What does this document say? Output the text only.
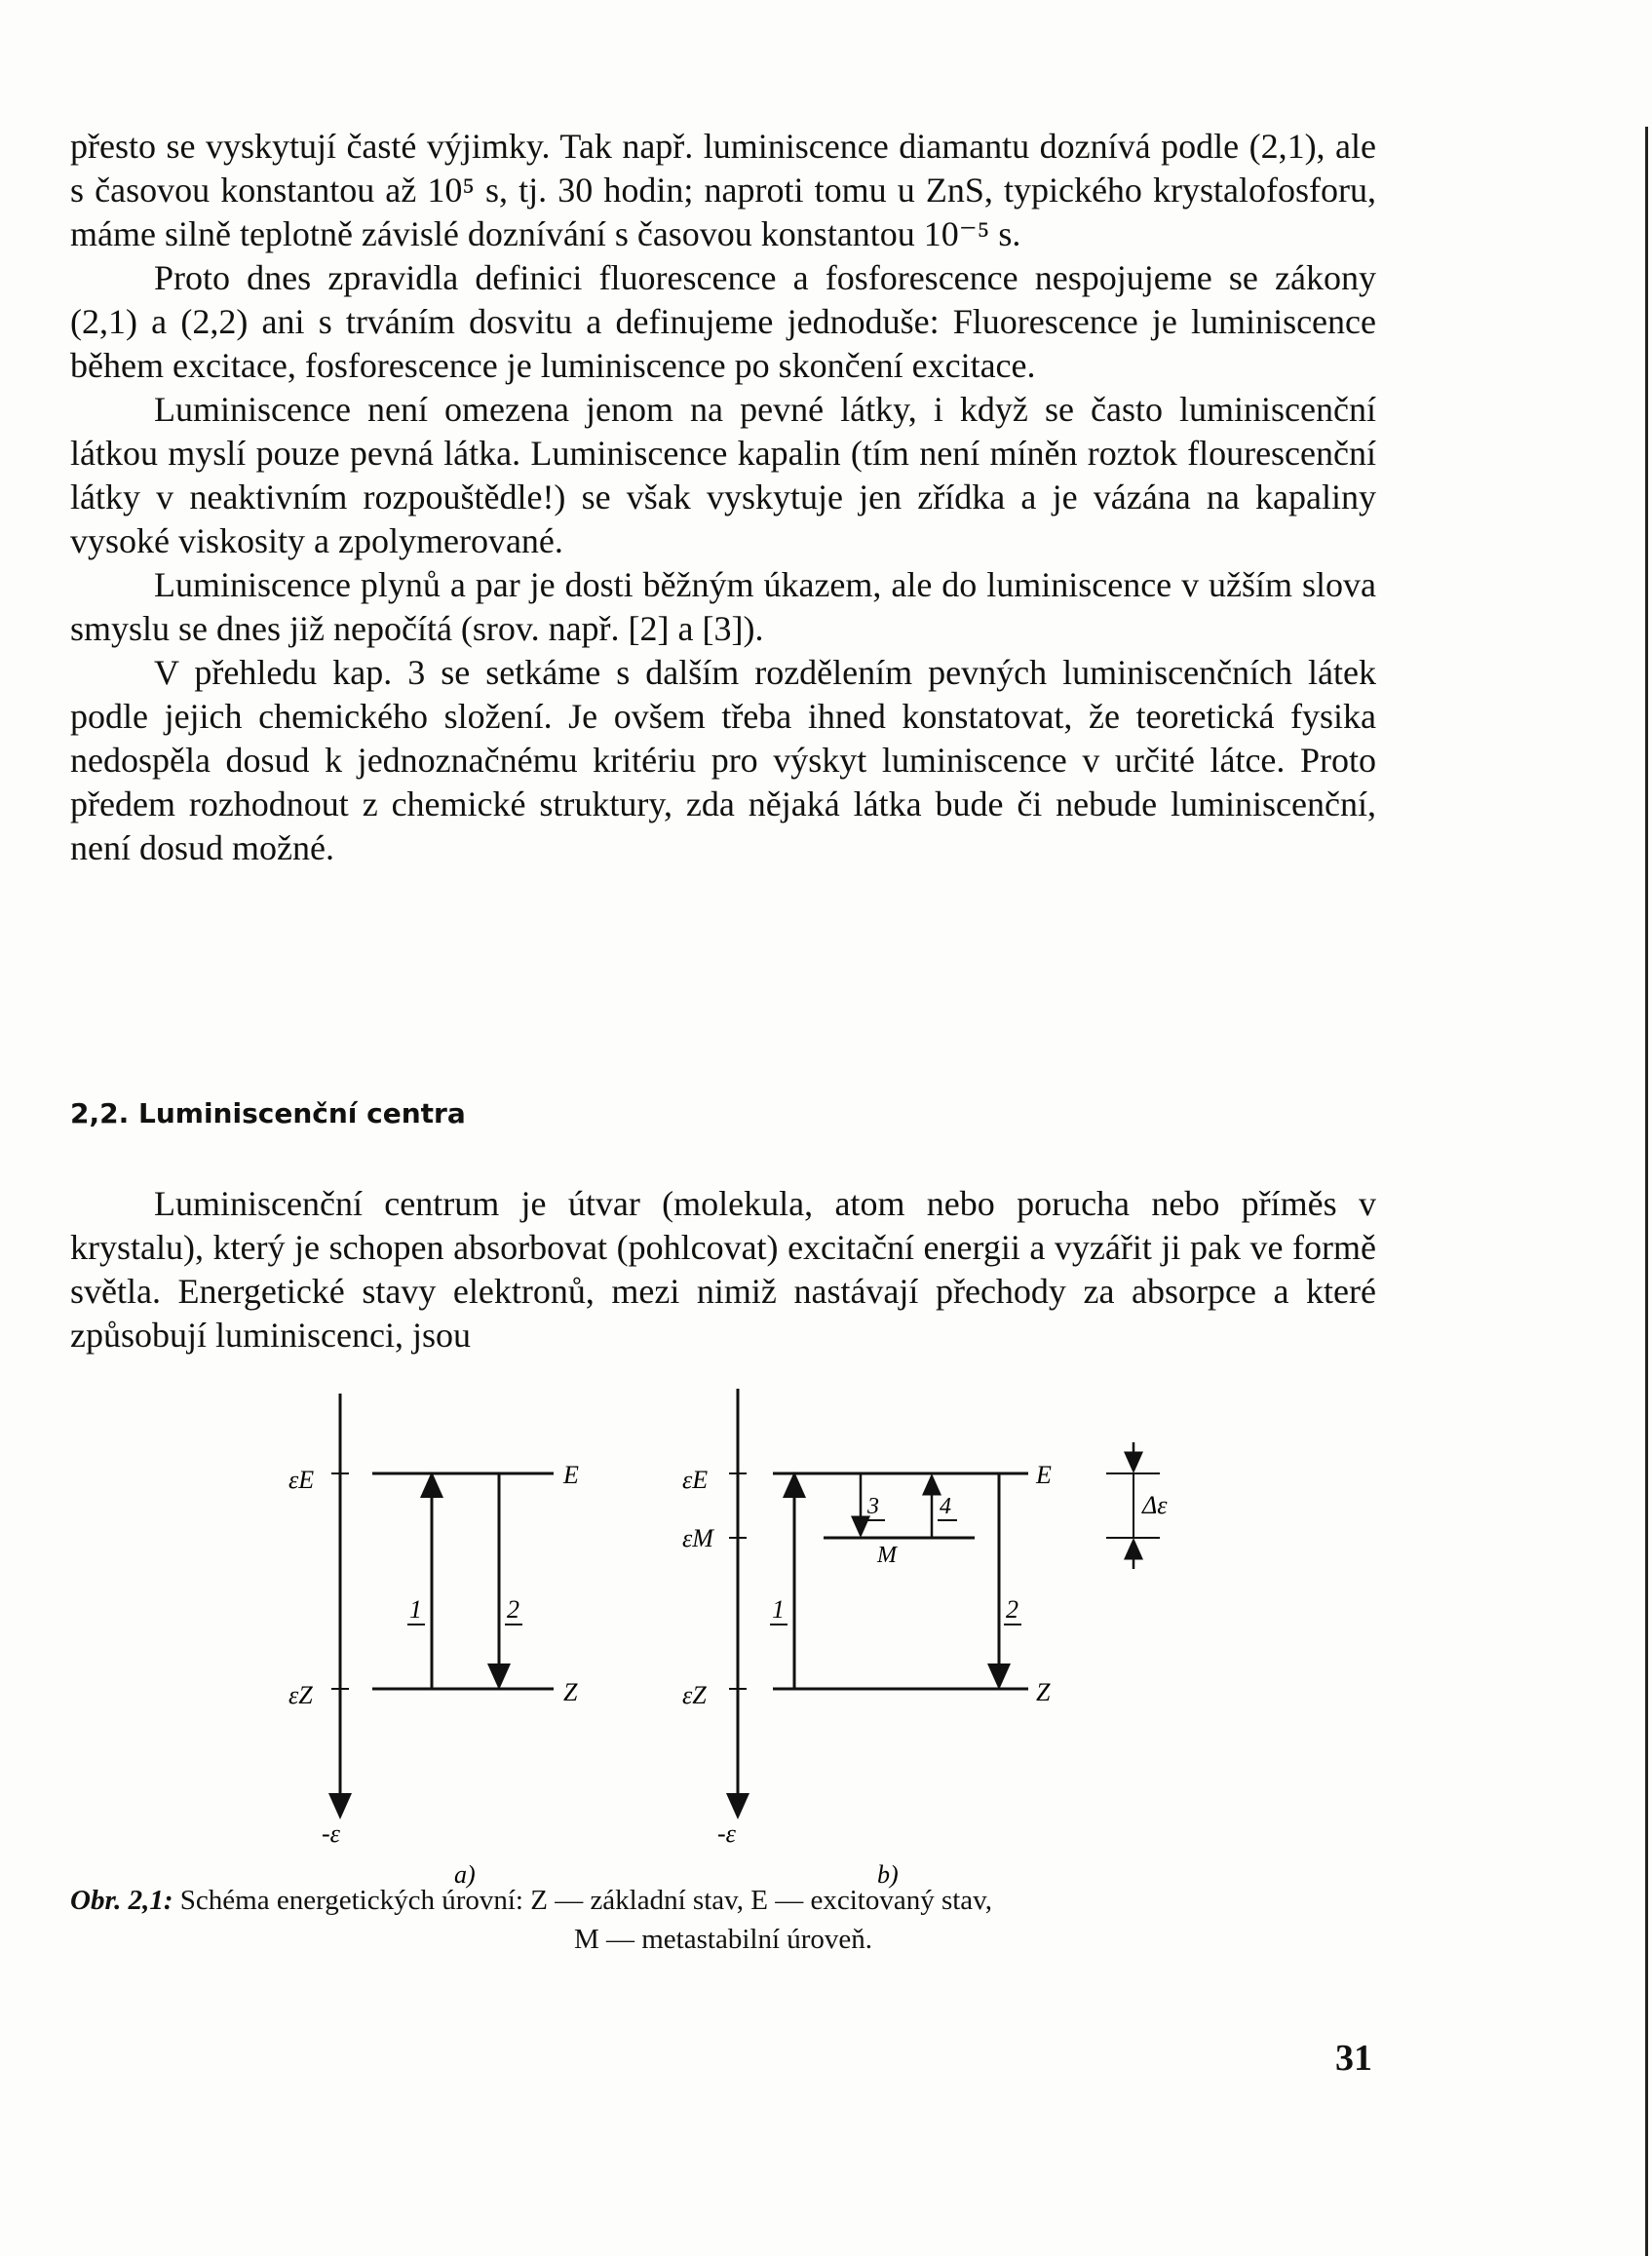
přesto se vyskytují časté výjimky. Tak např. luminiscence diamantu doznívá podle (2,1), ale s časovou konstantou až 10⁵ s, tj. 30 hodin; naproti tomu u ZnS, typického krystalofosforu, máme silně teplotně závislé doznívání s časovou konstantou 10⁻⁵ s.

Proto dnes zpravidla definici fluorescence a fosforescence nespojujeme se zákony (2,1) a (2,2) ani s trváním dosvitu a definujeme jednoduše: Fluorescence je luminiscence během excitace, fosforescence je luminiscence po skončení excitace.

Luminiscence není omezena jenom na pevné látky, i když se často luminiscenční látkou myslí pouze pevná látka. Luminiscence kapalin (tím není míněn roztok flourescenční látky v neaktivním rozpouštědle!) se však vyskytuje jen zřídka a je vázána na kapaliny vysoké viskosity a zpolymerované.

Luminiscence plynů a par je dosti běžným úkazem, ale do luminiscence v užším slova smyslu se dnes již nepočítá (srov. např. [2] a [3]).

V přehledu kap. 3 se setkáme s dalším rozdělením pevných luminiscenčních látek podle jejich chemického složení. Je ovšem třeba ihned konstatovat, že teoretická fysika nedospěla dosud k jednoznačnému kritériu pro výskyt luminiscence v určité látce. Proto předem rozhodnout z chemické struktury, zda nějaká látka bude či nebude luminiscenční, není dosud možné.

2,2. Luminiscenční centra

Luminiscenční centrum je útvar (molekula, atom nebo porucha nebo příměs v krystalu), který je schopen absorbovat (pohlcovat) excitační energii a vyzářit ji pak ve formě světla. Energetické stavy elektronů, mezi nimiž nastávají přechody za absorpce a které způsobují luminiscenci, jsou

εE
εZ
E
Z
1	2
-ε
a)
εE
εM
εZ
E
Z
M
1	2
3	4
-ε
b)
Δε
Obr. 2,1: Schéma energetických úrovní: Z — základní stav, E — excitovaný stav,
M — metastabilní úroveň.
31
